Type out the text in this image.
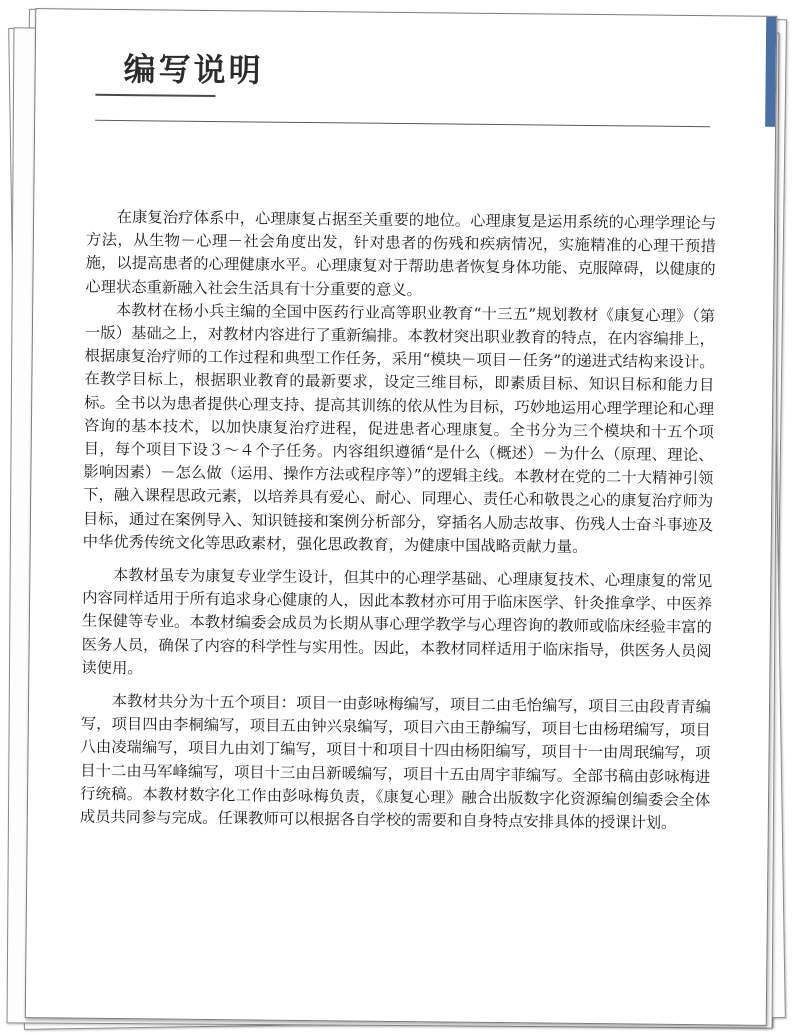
编写说明

在康复治疗体系中，心理康复占据至关重要的地位。心理康复是运用系统的心理学理论与方法，从生物－心理－社会角度出发，针对患者的伤残和疾病情况，实施精准的心理干预措施，以提高患者的心理健康水平。心理康复对于帮助患者恢复身体功能、克服障碍，以健康的心理状态重新融入社会生活具有十分重要的意义。

本教材在杨小兵主编的全国中医药行业高等职业教育“十三五”规划教材《康复心理》（第一版）基础之上，对教材内容进行了重新编排。本教材突出职业教育的特点，在内容编排上，根据康复治疗师的工作过程和典型工作任务，采用“模块－项目－任务”的递进式结构来设计。在教学目标上，根据职业教育的最新要求，设定三维目标，即素质目标、知识目标和能力目标。全书以为患者提供心理支持、提高其训练的依从性为目标，巧妙地运用心理学理论和心理咨询的基本技术，以加快康复治疗进程，促进患者心理康复。全书分为三个模块和十五个项目，每个项目下设３～４个子任务。内容组织遵循“是什么（概述）－为什么（原理、理论、影响因素）－怎么做（运用、操作方法或程序等）”的逻辑主线。本教材在党的二十大精神引领下，融入课程思政元素，以培养具有爱心、耐心、同理心、责任心和敬畏之心的康复治疗师为目标，通过在案例导入、知识链接和案例分析部分，穿插名人励志故事、伤残人士奋斗事迹及中华优秀传统文化等思政素材，强化思政教育，为健康中国战略贡献力量。

本教材虽专为康复专业学生设计，但其中的心理学基础、心理康复技术、心理康复的常见内容同样适用于所有追求身心健康的人，因此本教材亦可用于临床医学、针灸推拿学、中医养生保健等专业。本教材编委会成员为长期从事心理学教学与心理咨询的教师或临床经验丰富的医务人员，确保了内容的科学性与实用性。因此，本教材同样适用于临床指导，供医务人员阅读使用。

本教材共分为十五个项目：项目一由彭咏梅编写，项目二由毛怡编写，项目三由段青青编写，项目四由李桐编写，项目五由钟兴泉编写，项目六由王静编写，项目七由杨珺编写，项目八由凌瑞编写，项目九由刘丁编写，项目十和项目十四由杨阳编写，项目十一由周珉编写，项目十二由马军峰编写，项目十三由吕新暖编写，项目十五由周宇菲编写。全部书稿由彭咏梅进行统稿。本教材数字化工作由彭咏梅负责，《康复心理》融合出版数字化资源编创编委会全体成员共同参与完成。任课教师可以根据各自学校的需要和自身特点安排具体的授课计划。
